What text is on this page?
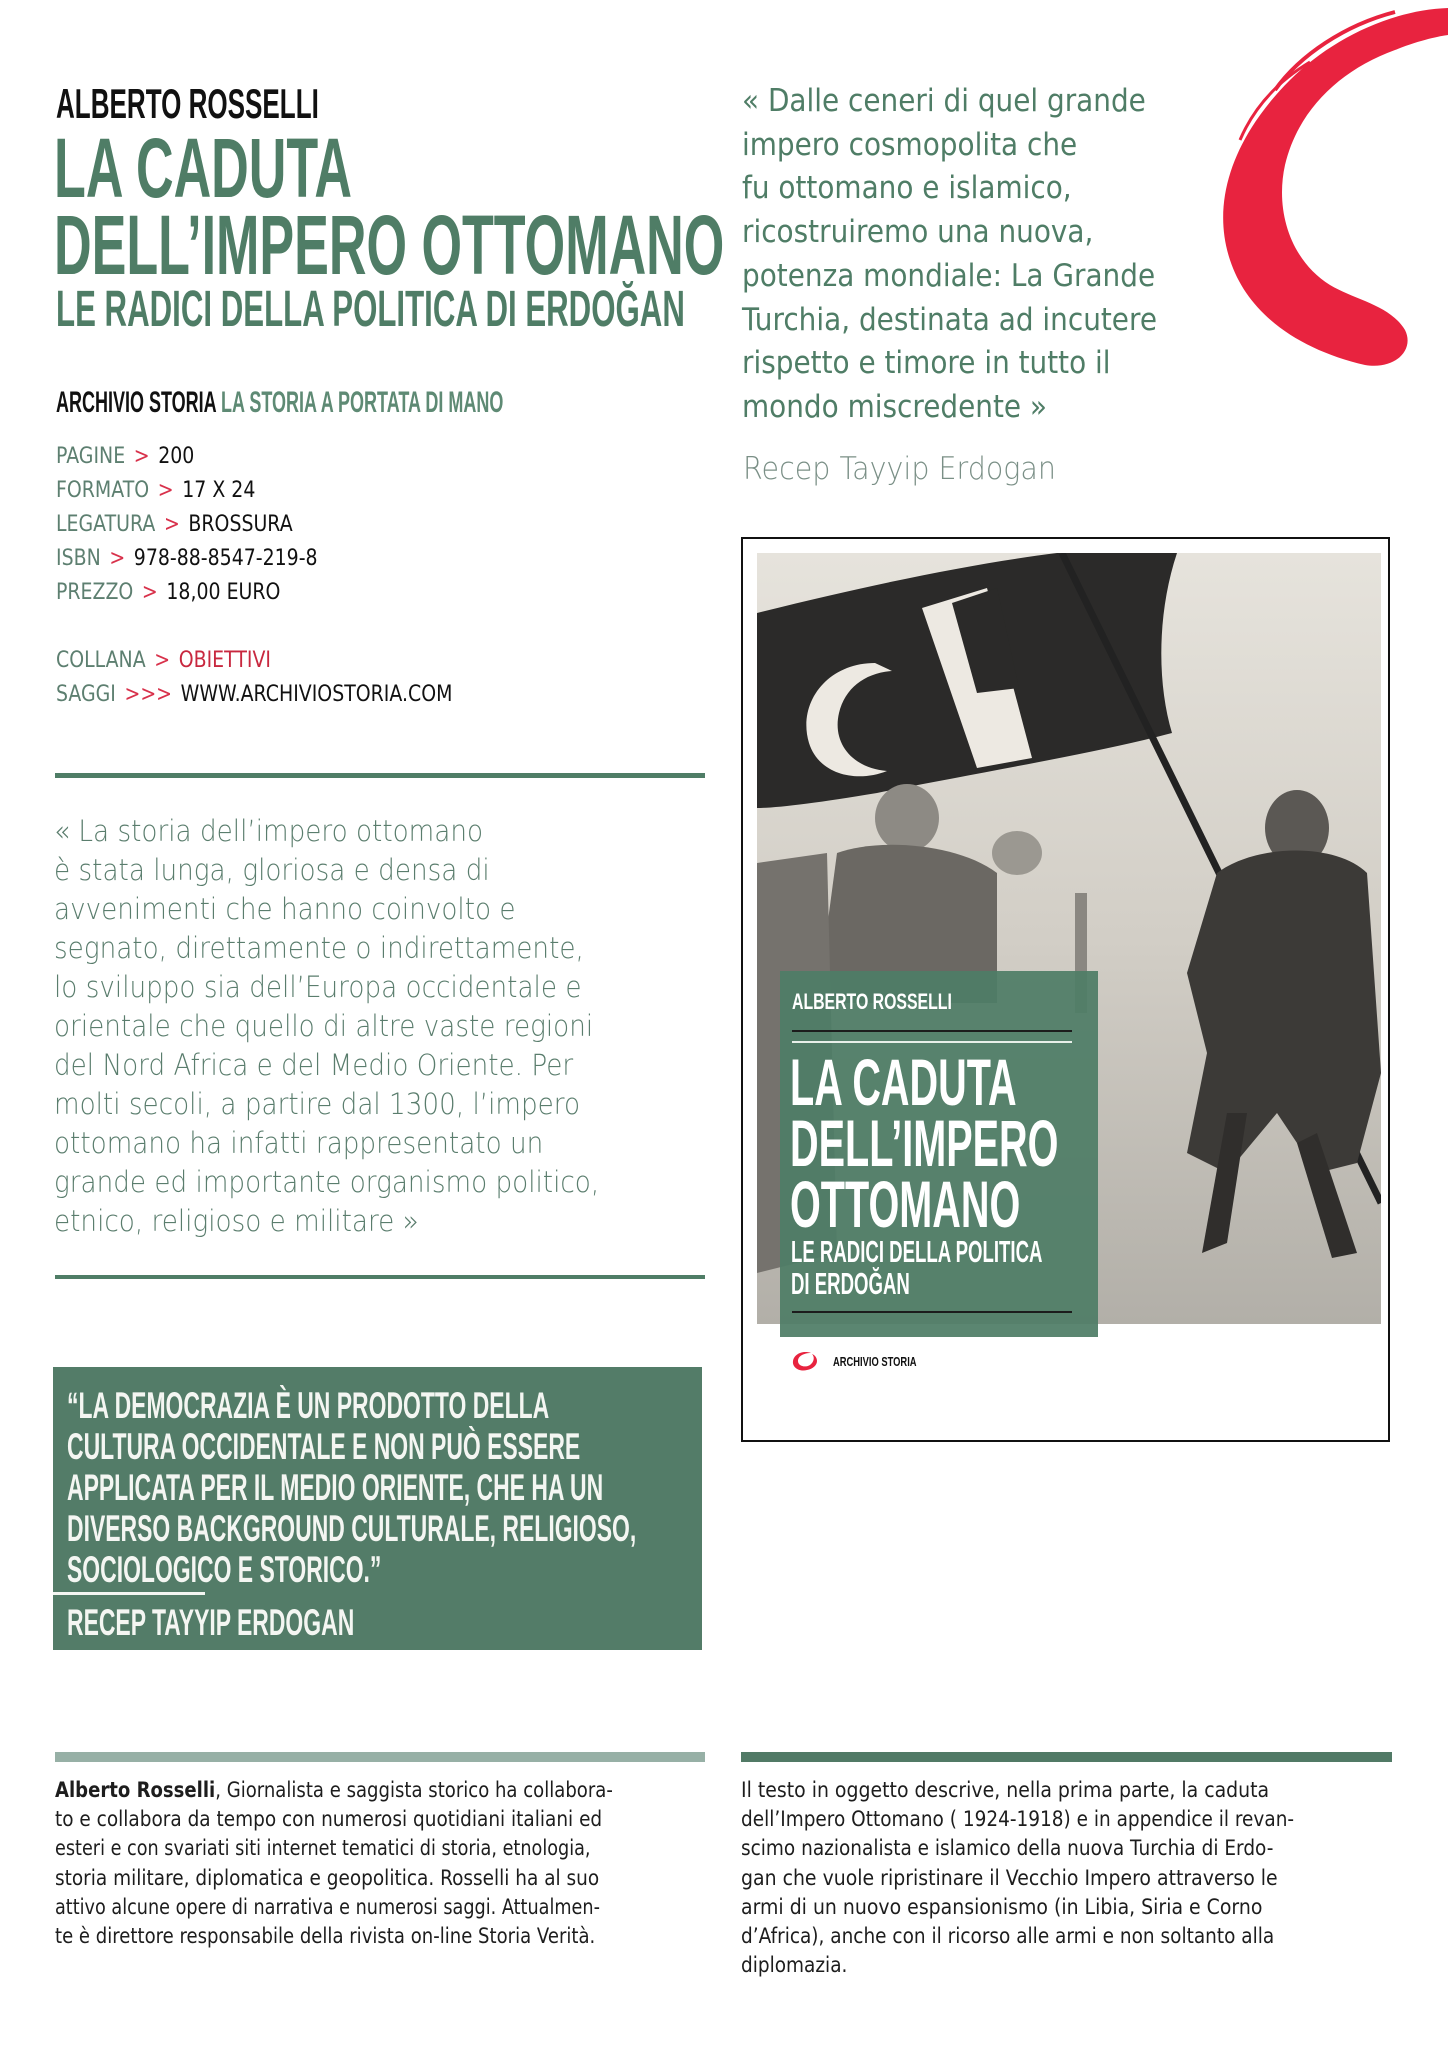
ALBERTO ROSSELLI
LA CADUTA
DELL’IMPERO OTTOMANO
LE RADICI DELLA POLITICA DI ERDOĞAN
ARCHIVIO STORIA LA STORIA A PORTATA DI MANO
PAGINE > 200
FORMATO > 17 X 24
LEGATURA > BROSSURA
ISBN > 978-88-8547-219-8
PREZZO > 18,00 EURO
COLLANA > OBIETTIVI
SAGGI >>> WWW.ARCHIVIOSTORIA.COM
« Dalle ceneri di quel grande
impero cosmopolita che
fu ottomano e islamico,
ricostruiremo una nuova,
potenza mondiale: La Grande
Turchia, destinata ad incutere
rispetto e timore in tutto il
mondo miscredente »
Recep Tayyip Erdogan
« La storia dell’impero ottomano
è stata lunga, gloriosa e densa di
avvenimenti che hanno coinvolto e
segnato, direttamente o indirettamente,
lo sviluppo sia dell’Europa occidentale e
orientale che quello di altre vaste regioni
del Nord Africa e del Medio Oriente. Per
molti secoli, a partire dal 1300, l’impero
ottomano ha infatti rappresentato un
grande ed importante organismo politico,
etnico, religioso e militare »
“LA DEMOCRAZIA È UN PRODOTTO DELLA
CULTURA OCCIDENTALE E NON PUÒ ESSERE
APPLICATA PER IL MEDIO ORIENTE, CHE HA UN
DIVERSO BACKGROUND CULTURALE, RELIGIOSO,
SOCIOLOGICO E STORICO.”
RECEP TAYYIP ERDOGAN
ALBERTO ROSSELLI
LA CADUTA
DELL’IMPERO
OTTOMANO
LE RADICI DELLA POLITICA
DI ERDOĞAN
ARCHIVIO STORIA
Alberto Rosselli, Giornalista e saggista storico ha collabora-
to e collabora da tempo con numerosi quotidiani italiani ed
esteri e con svariati siti internet tematici di storia, etnologia,
storia militare, diplomatica e geopolitica. Rosselli ha al suo
attivo alcune opere di narrativa e numerosi saggi. Attualmen-
te è direttore responsabile della rivista on-line Storia Verità.
Il testo in oggetto descrive, nella prima parte, la caduta
dell’Impero Ottomano ( 1924-1918) e in appendice il revan-
scimo nazionalista e islamico della nuova Turchia di Erdo-
gan che vuole ripristinare il Vecchio Impero attraverso le
armi di un nuovo espansionismo (in Libia, Siria e Corno
d’Africa), anche con il ricorso alle armi e non soltanto alla
diplomazia.
